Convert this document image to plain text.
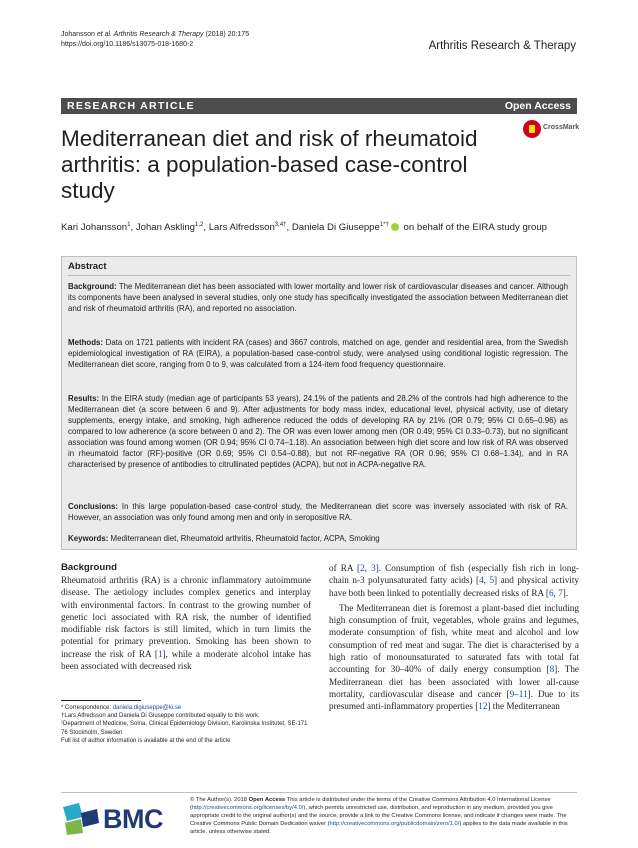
Johansson et al. Arthritis Research & Therapy (2018) 20:175
https://doi.org/10.1186/s13075-018-1680-2	Arthritis Research & Therapy
RESEARCH ARTICLE	Open Access
Mediterranean diet and risk of rheumatoid arthritis: a population-based case-control study
CrossMark
Kari Johansson$^1$, Johan Askling$^{1,2}$, Lars Alfredsson$^{3,4\dagger}$, Daniela Di Giuseppe$^{1*\dagger}$ on behalf of the EIRA study group
Abstract

Background: The Mediterranean diet has been associated with lower mortality and lower risk of cardiovascular diseases and cancer. Although its components have been analysed in several studies, only one study has specifically investigated the association between Mediterranean diet and risk of rheumatoid arthritis (RA), and reported no association.

Methods: Data on 1721 patients with incident RA (cases) and 3667 controls, matched on age, gender and residential area, from the Swedish epidemiological investigation of RA (EIRA), a population-based case-control study, were analysed using conditional logistic regression. The Mediterranean diet score, ranging from 0 to 9, was calculated from a 124-item food frequency questionnaire.

Results: In the EIRA study (median age of participants 53 years), 24.1% of the patients and 28.2% of the controls had high adherence to the Mediterranean diet (a score between 6 and 9). After adjustments for body mass index, educational level, physical activity, use of dietary supplements, energy intake, and smoking, high adherence reduced the odds of developing RA by 21% (OR 0.79; 95% CI 0.65–0.96) as compared to low adherence (a score between 0 and 2). The OR was even lower among men (OR 0.49; 95% CI 0.33–0.73), but no significant association was found among women (OR 0.94; 95% CI 0.74–1.18). An association between high diet score and low risk of RA was observed in rheumatoid factor (RF)-positive (OR 0.69; 95% CI 0.54–0.88), but not RF-negative RA (OR 0.96; 95% CI 0.68–1.34), and in RA characterised by presence of antibodies to citrullinated peptides (ACPA), but not in ACPA-negative RA.

Conclusions: In this large population-based case-control study, the Mediterranean diet score was inversely associated with risk of RA. However, an association was only found among men and only in seropositive RA.

Keywords: Mediterranean diet, Rheumatoid arthritis, Rheumatoid factor, ACPA, Smoking

Background

Rheumatoid arthritis (RA) is a chronic inflammatory autoimmune disease. The aetiology includes complex genetics and interplay with environmental factors. In contrast to the growing number of genetic loci associated with RA risk, the number of identified modifiable risk factors is still limited, which in turn limits the potential for primary prevention. Smoking has been shown to increase the risk of RA [1], while a moderate alcohol intake has been associated with decreased risk

of RA [2, 3]. Consumption of fish (especially fish rich in long-chain n-3 polyunsaturated fatty acids) [4, 5] and physical activity have both been linked to potentially decreased risks of RA [6, 7].

The Mediterranean diet is foremost a plant-based diet including high consumption of fruit, vegetables, whole grains and legumes, moderate consumption of fish, white meat and alcohol and low consumption of red meat and sugar. The diet is characterised by a high ratio of monounsaturated to saturated fats with total fat accounting for 30–40% of daily energy consumption [8]. The Mediterranean diet has been associated with lower all-cause mortality, cardiovascular disease and cancer [9–11]. Due to its presumed anti-inflammatory properties [12] the Mediterranean

* Correspondence: daniela.digiuseppe@ki.se
†Lars Alfredsson and Daniela Di Giuseppe contributed equally to this work.
¹Department of Medicine, Solna, Clinical Epidemiology Division, Karolinska Institutet, SE-171 76 Stockholm, Sweden
Full list of author information is available at the end of the article
BMC
© The Author(s). 2018 Open Access This article is distributed under the terms of the Creative Commons Attribution 4.0 International License (http://creativecommons.org/licenses/by/4.0/), which permits unrestricted use, distribution, and reproduction in any medium, provided you give appropriate credit to the original author(s) and the source, provide a link to the Creative Commons license, and indicate if changes were made. The Creative Commons Public Domain Dedication waiver (http://creativecommons.org/publicdomain/zero/1.0/) applies to the data made available in this article, unless otherwise stated.
